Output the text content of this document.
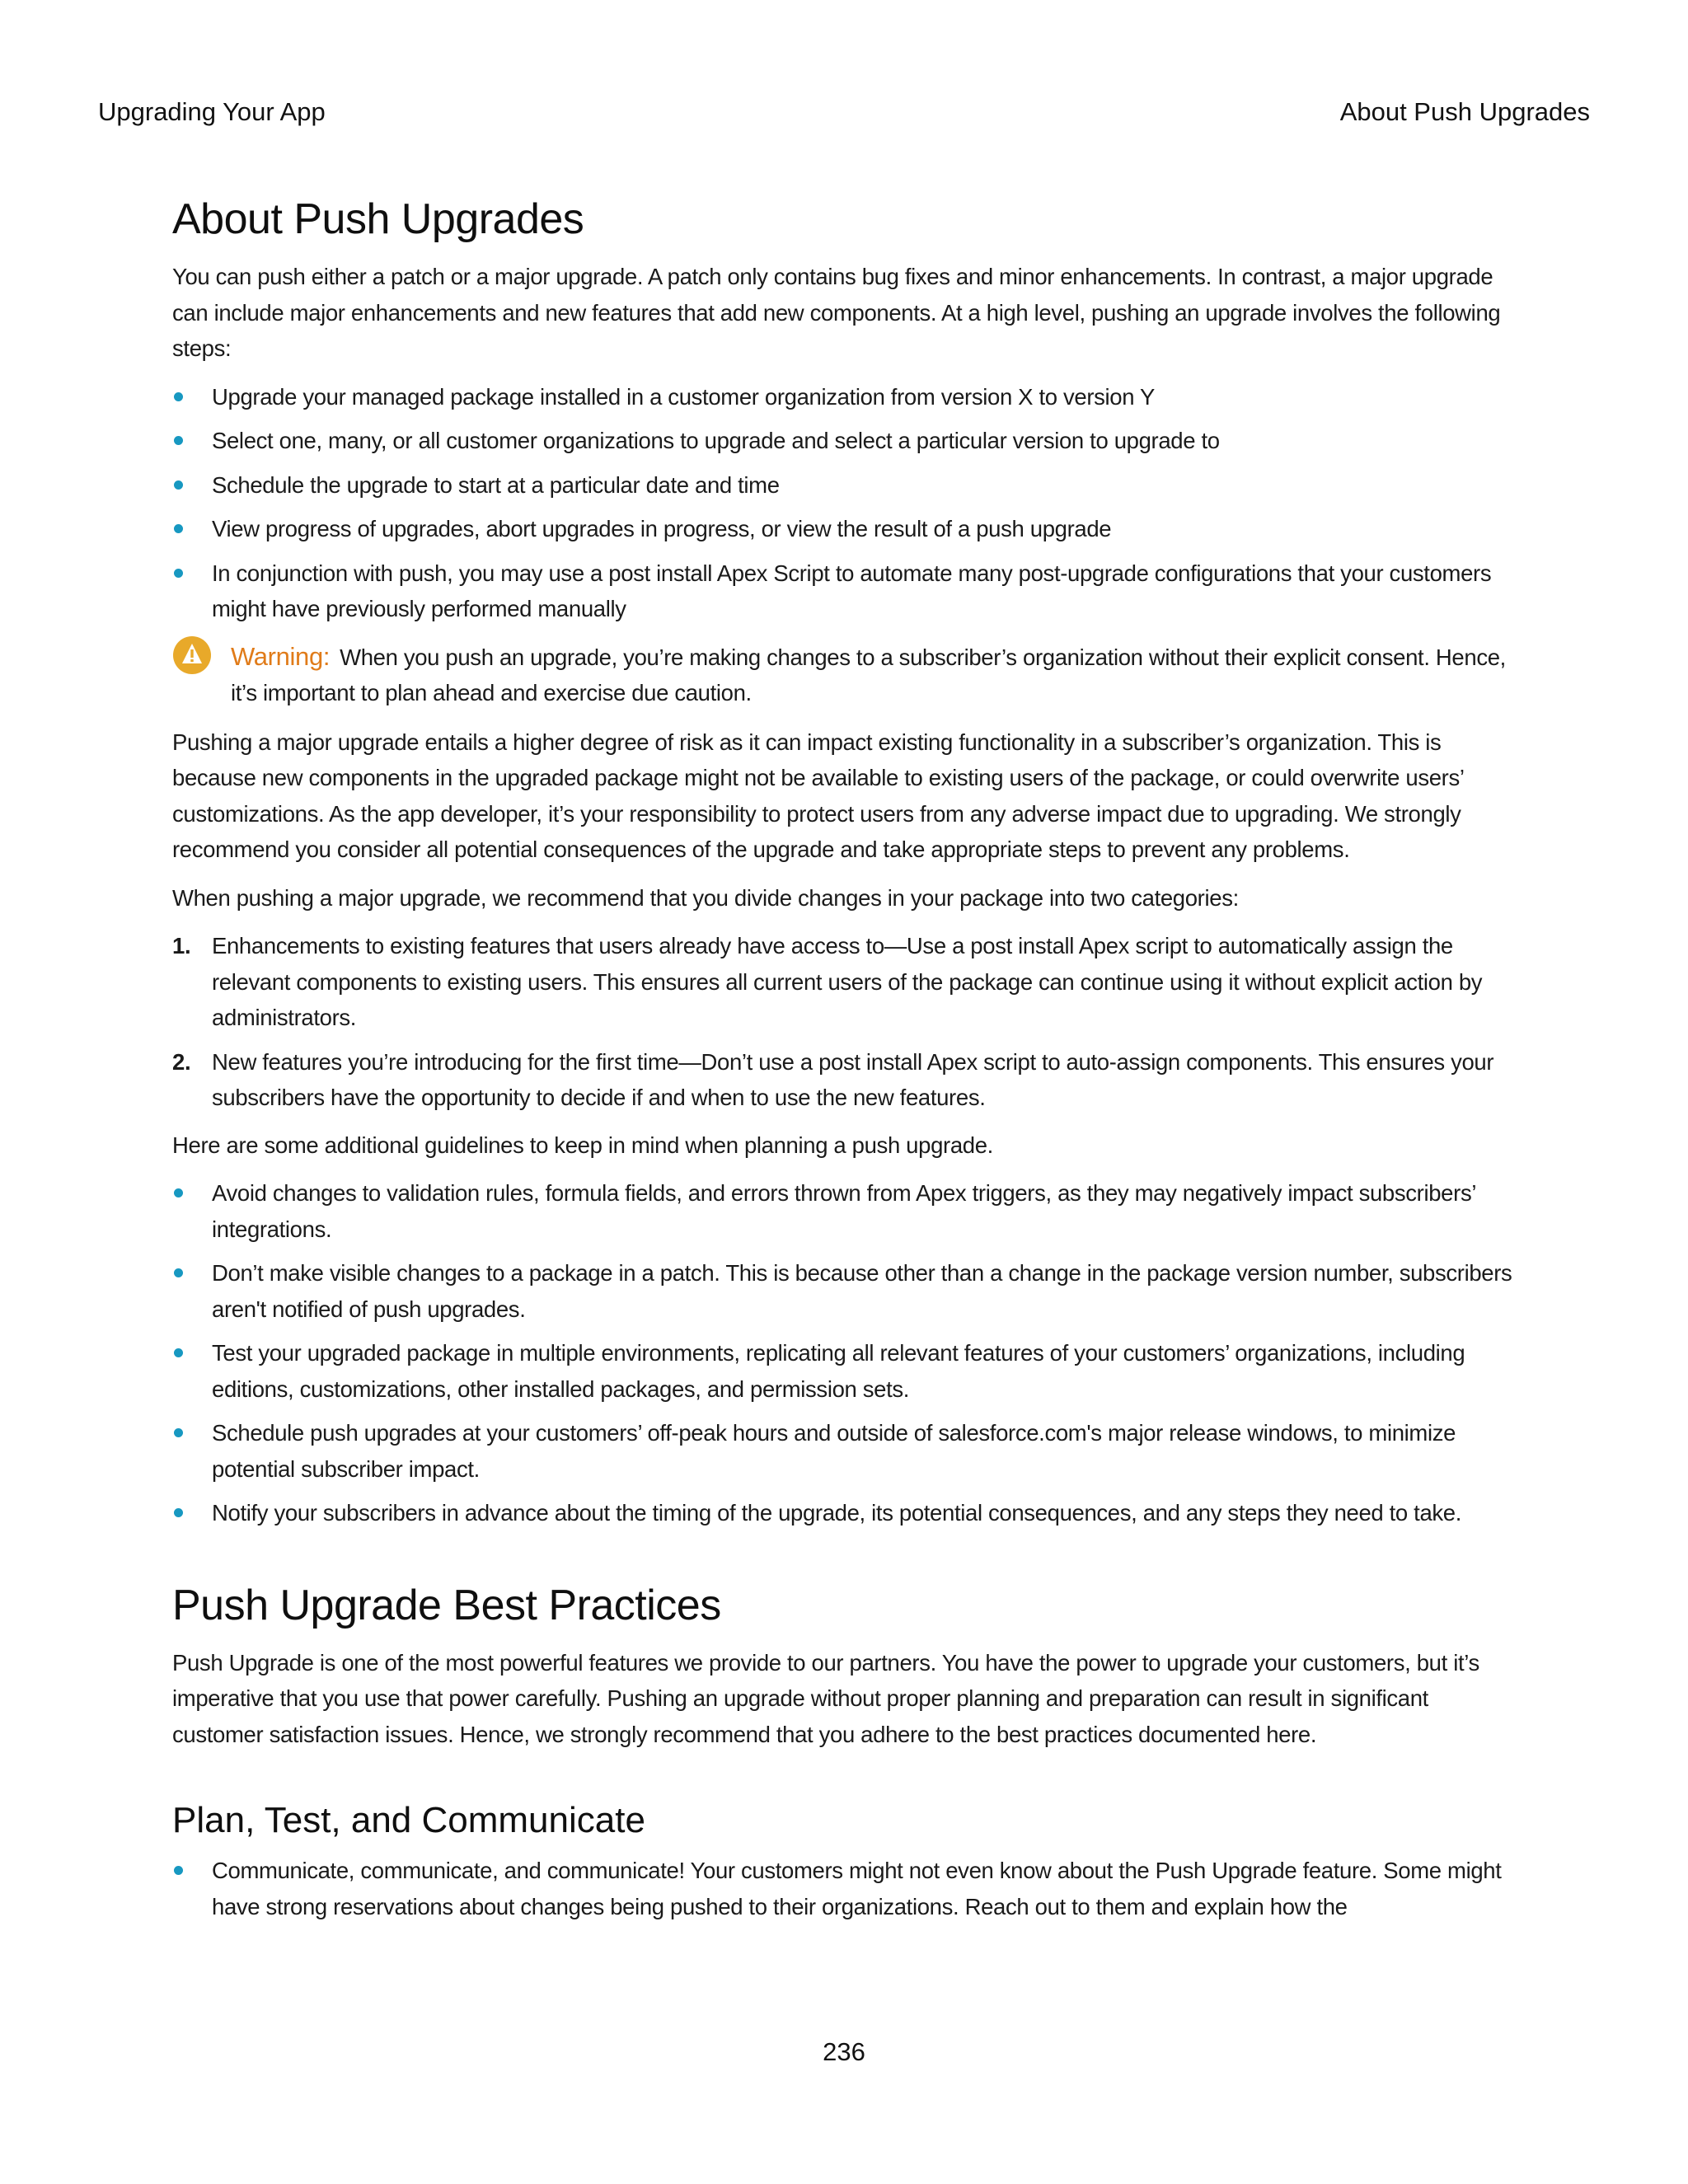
Upgrading Your App	About Push Upgrades
About Push Upgrades

You can push either a patch or a major upgrade. A patch only contains bug fixes and minor enhancements. In contrast, a major upgrade can include major enhancements and new features that add new components. At a high level, pushing an upgrade involves the following steps:

Upgrade your managed package installed in a customer organization from version X to version Y
Select one, many, or all customer organizations to upgrade and select a particular version to upgrade to
Schedule the upgrade to start at a particular date and time
View progress of upgrades, abort upgrades in progress, or view the result of a push upgrade
In conjunction with push, you may use a post install Apex Script to automate many post-upgrade configurations that your customers might have previously performed manually
Warning: When you push an upgrade, you’re making changes to a subscriber’s organization without their explicit consent. Hence, it’s important to plan ahead and exercise due caution.

Pushing a major upgrade entails a higher degree of risk as it can impact existing functionality in a subscriber’s organization. This is because new components in the upgraded package might not be available to existing users of the package, or could overwrite users’ customizations. As the app developer, it’s your responsibility to protect users from any adverse impact due to upgrading. We strongly recommend you consider all potential consequences of the upgrade and take appropriate steps to prevent any problems.

When pushing a major upgrade, we recommend that you divide changes in your package into two categories:

1. Enhancements to existing features that users already have access to—Use a post install Apex script to automatically assign the relevant components to existing users. This ensures all current users of the package can continue using it without explicit action by administrators.
2. New features you’re introducing for the first time—Don’t use a post install Apex script to auto-assign components. This ensures your subscribers have the opportunity to decide if and when to use the new features.

Here are some additional guidelines to keep in mind when planning a push upgrade.

Avoid changes to validation rules, formula fields, and errors thrown from Apex triggers, as they may negatively impact subscribers’ integrations.
Don’t make visible changes to a package in a patch. This is because other than a change in the package version number, subscribers aren't notified of push upgrades.
Test your upgraded package in multiple environments, replicating all relevant features of your customers’ organizations, including editions, customizations, other installed packages, and permission sets.
Schedule push upgrades at your customers’ off-peak hours and outside of salesforce.com's major release windows, to minimize potential subscriber impact.
Notify your subscribers in advance about the timing of the upgrade, its potential consequences, and any steps they need to take.
Push Upgrade Best Practices

Push Upgrade is one of the most powerful features we provide to our partners. You have the power to upgrade your customers, but it’s imperative that you use that power carefully. Pushing an upgrade without proper planning and preparation can result in significant customer satisfaction issues. Hence, we strongly recommend that you adhere to the best practices documented here.

Plan, Test, and Communicate
Communicate, communicate, and communicate! Your customers might not even know about the Push Upgrade feature. Some might have strong reservations about changes being pushed to their organizations. Reach out to them and explain how the
236
